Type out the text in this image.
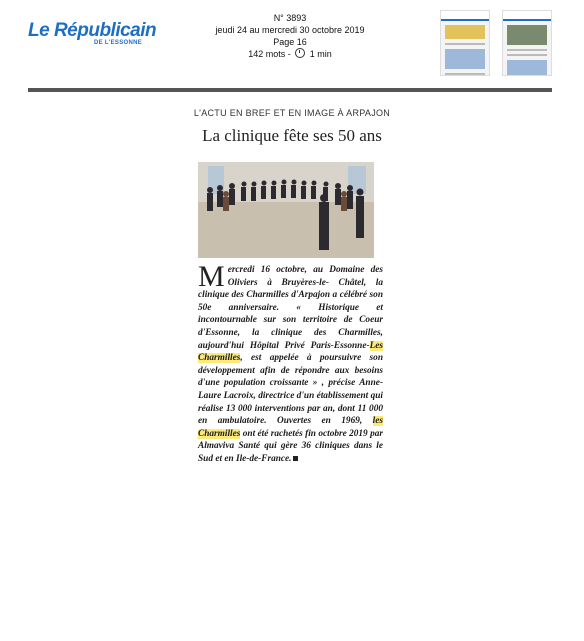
Le Républicain
DE L'ESSONNE
N° 3893
jeudi 24 au mercredi 30 octobre 2019
Page 16
142 mots - 1 min
L'ACTU EN BREF ET EN IMAGE À ARPAJON
La clinique fête ses 50 ans
Mercredi 16 octobre, au Domaine des Oliviers à Bruyères-le- Châtel, la clinique des Charmilles d'Arpajon a célébré son 50e anniversaire. « Historique et incontournable sur son territoire de Coeur d'Essonne, la clinique des Charmilles, aujourd'hui Hôpital Privé Paris-Essonne-Les Charmilles, est appelée à poursuivre son développement afin de répondre aux besoins d'une population croissante » , précise Anne- Laure Lacroix, directrice d'un établissement qui réalise 13 000 interventions par an, dont 11 000 en ambulatoire. Ouvertes en 1969, les Charmilles ont été rachetés fin octobre 2019 par Almaviva Santé qui gère 36 cliniques dans le Sud et en Ile-de-France.
